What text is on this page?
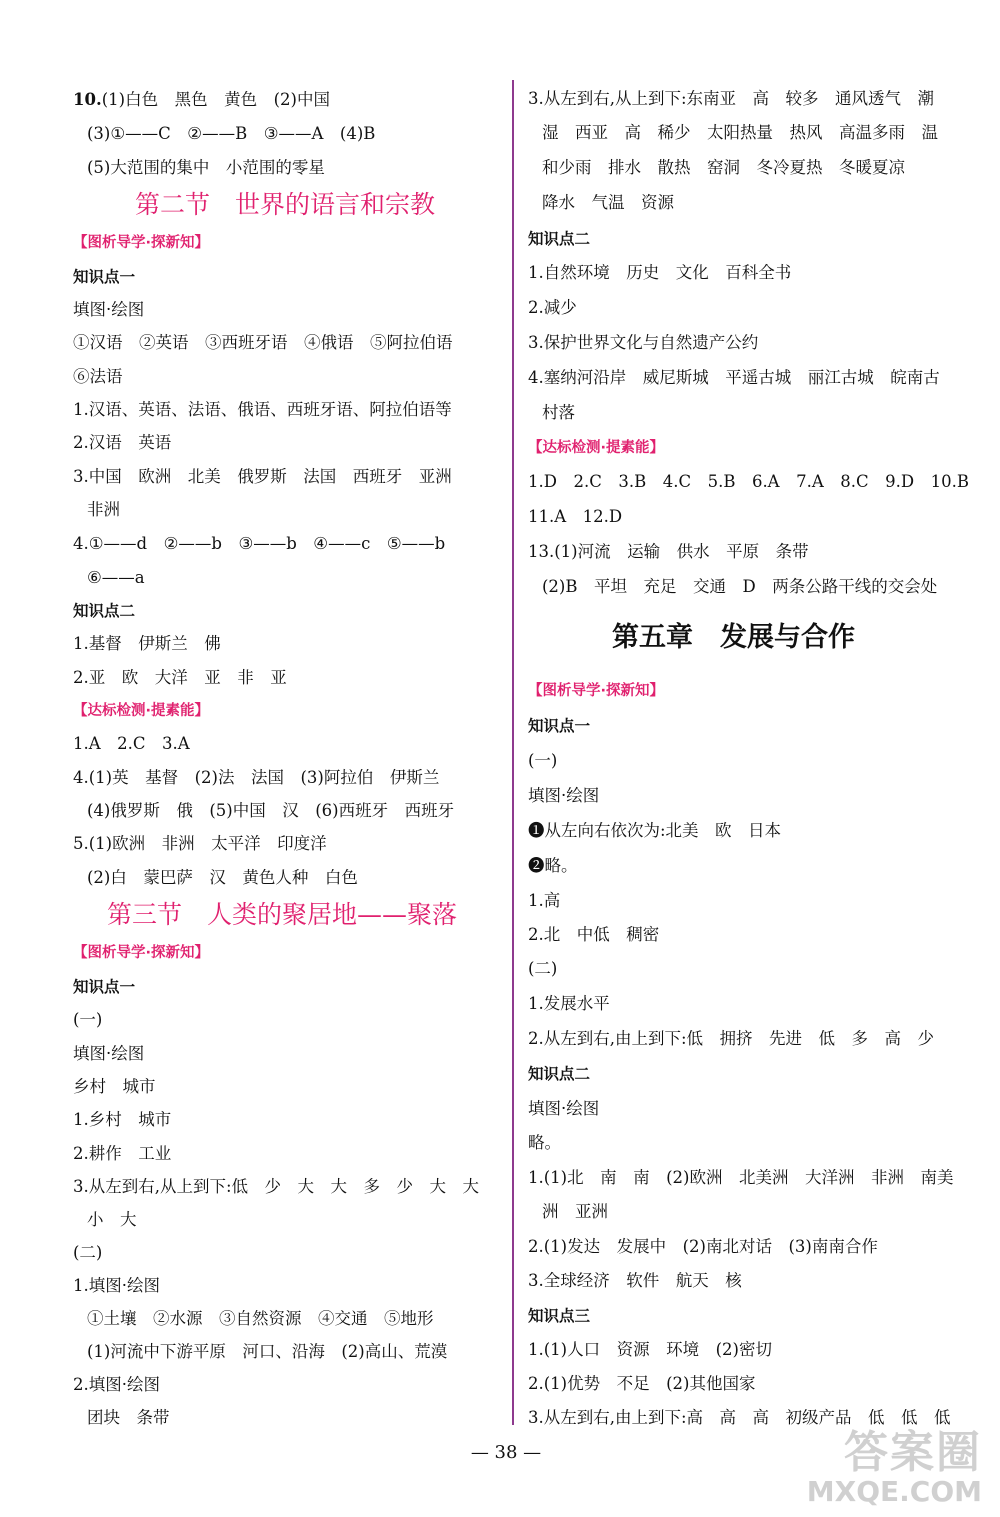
10.(1)白色　黑色　黄色　(2)中国
(3)①——C　②——B　③——A　(4)B
(5)大范围的集中　小范围的零星
第二节　世界的语言和宗教
【图析导学·探新知】
知识点一
填图·绘图
①汉语　②英语　③西班牙语　④俄语　⑤阿拉伯语
⑥法语
1.汉语、英语、法语、俄语、西班牙语、阿拉伯语等
2.汉语　英语
3.中国　欧洲　北美　俄罗斯　法国　西班牙　亚洲
非洲
4.①——d　②——b　③——b　④——c　⑤——b
⑥——a
知识点二
1.基督　伊斯兰　佛
2.亚　欧　大洋　亚　非　亚
【达标检测·提素能】
1.A　2.C　3.A
4.(1)英　基督　(2)法　法国　(3)阿拉伯　伊斯兰
(4)俄罗斯　俄　(5)中国　汉　(6)西班牙　西班牙
5.(1)欧洲　非洲　太平洋　印度洋
(2)白　蒙巴萨　汉　黄色人种　白色
第三节　人类的聚居地——聚落
【图析导学·探新知】
知识点一
(一)
填图·绘图
乡村　城市
1.乡村　城市
2.耕作　工业
3.从左到右,从上到下:低　少　大　大　多　少　大　大
小　大
(二)
1.填图·绘图
①土壤　②水源　③自然资源　④交通　⑤地形
(1)河流中下游平原　河口、沿海　(2)高山、荒漠
2.填图·绘图
团块　条带
3.从左到右,从上到下:东南亚　高　较多　通风透气　潮
湿　西亚　高　稀少　太阳热量　热风　高温多雨　温
和少雨　排水　散热　窑洞　冬冷夏热　冬暖夏凉
降水　气温　资源
知识点二
1.自然环境　历史　文化　百科全书
2.减少
3.保护世界文化与自然遗产公约
4.塞纳河沿岸　威尼斯城　平遥古城　丽江古城　皖南古
村落
【达标检测·提素能】
1.D　2.C　3.B　4.C　5.B　6.A　7.A　8.C　9.D　10.B
11.A　12.D
13.(1)河流　运输　供水　平原　条带
(2)B　平坦　充足　交通　D　两条公路干线的交会处
第五章　发展与合作
【图析导学·探新知】
知识点一
(一)
填图·绘图
❶从左向右依次为:北美　欧　日本
❷略。
1.高
2.北　中低　稠密
(二)
1.发展水平
2.从左到右,由上到下:低　拥挤　先进　低　多　高　少
知识点二
填图·绘图
略。
1.(1)北　南　南　(2)欧洲　北美洲　大洋洲　非洲　南美
洲　亚洲
2.(1)发达　发展中　(2)南北对话　(3)南南合作
3.全球经济　软件　航天　核
知识点三
1.(1)人口　资源　环境　(2)密切
2.(1)优势　不足　(2)其他国家
3.从左到右,由上到下:高　高　高　初级产品　低　低　低
— 38 —	答案圈
MXQE.COM
